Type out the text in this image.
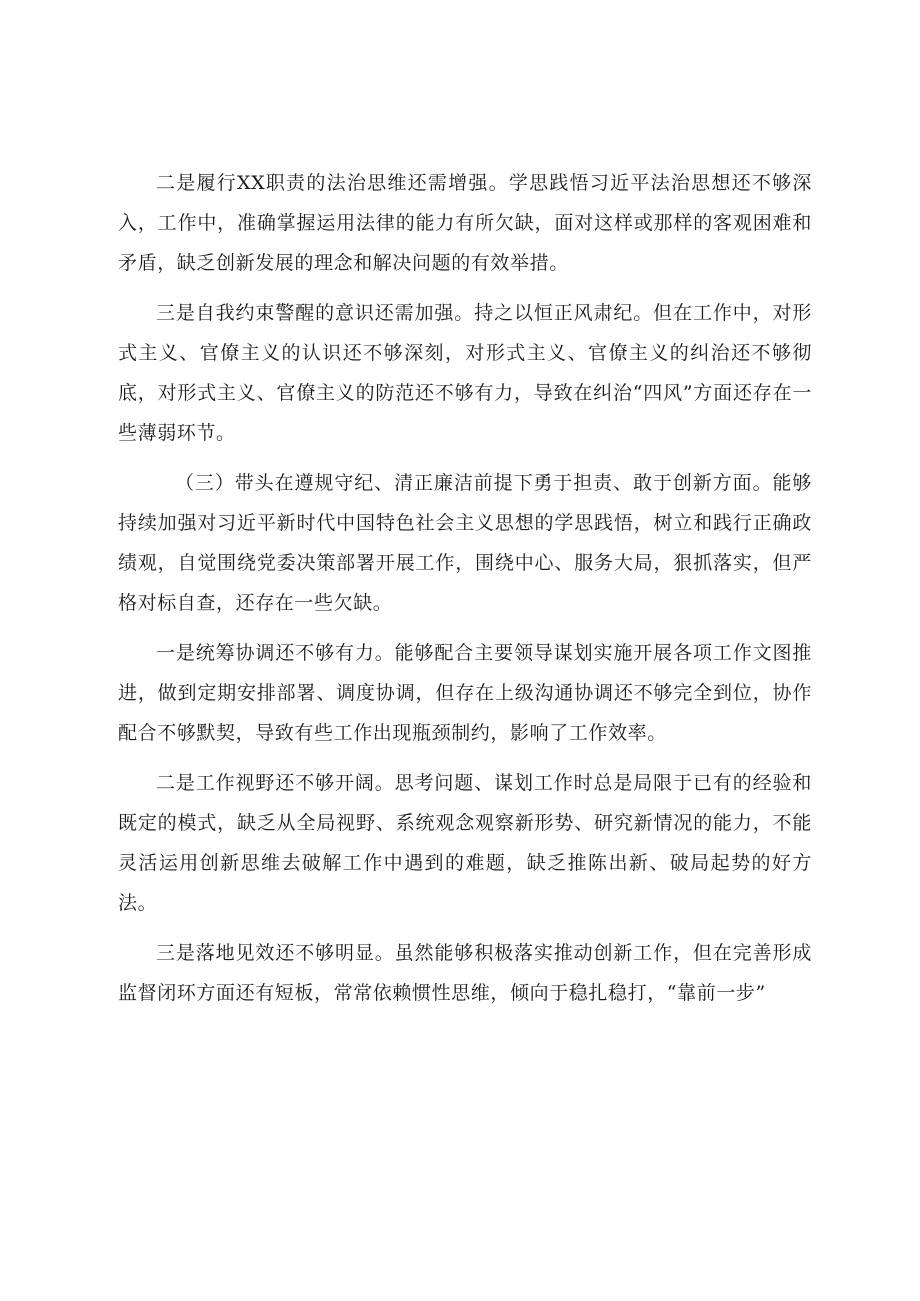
二是履行XX职责的法治思维还需增强。学思践悟习近平法治思想还不够深入，工作中，准确掌握运用法律的能力有所欠缺，面对这样或那样的客观困难和矛盾，缺乏创新发展的理念和解决问题的有效举措。

三是自我约束警醒的意识还需加强。持之以恒正风肃纪。但在工作中，对形式主义、官僚主义的认识还不够深刻，对形式主义、官僚主义的纠治还不够彻底，对形式主义、官僚主义的防范还不够有力，导致在纠治“四风”方面还存在一些薄弱环节。

（三）带头在遵规守纪、清正廉洁前提下勇于担责、敢于创新方面。能够持续加强对习近平新时代中国特色社会主义思想的学思践悟，树立和践行正确政绩观，自觉围绕党委决策部署开展工作，围绕中心、服务大局，狠抓落实，但严格对标自查，还存在一些欠缺。

一是统筹协调还不够有力。能够配合主要领导谋划实施开展各项工作文图推进，做到定期安排部署、调度协调，但存在上级沟通协调还不够完全到位，协作配合不够默契，导致有些工作出现瓶颈制约，影响了工作效率。

二是工作视野还不够开阔。思考问题、谋划工作时总是局限于已有的经验和既定的模式，缺乏从全局视野、系统观念观察新形势、研究新情况的能力，不能灵活运用创新思维去破解工作中遇到的难题，缺乏推陈出新、破局起势的好方法。

三是落地见效还不够明显。虽然能够积极落实推动创新工作，但在完善形成监督闭环方面还有短板，常常依赖惯性思维，倾向于稳扎稳打，“靠前一步”
